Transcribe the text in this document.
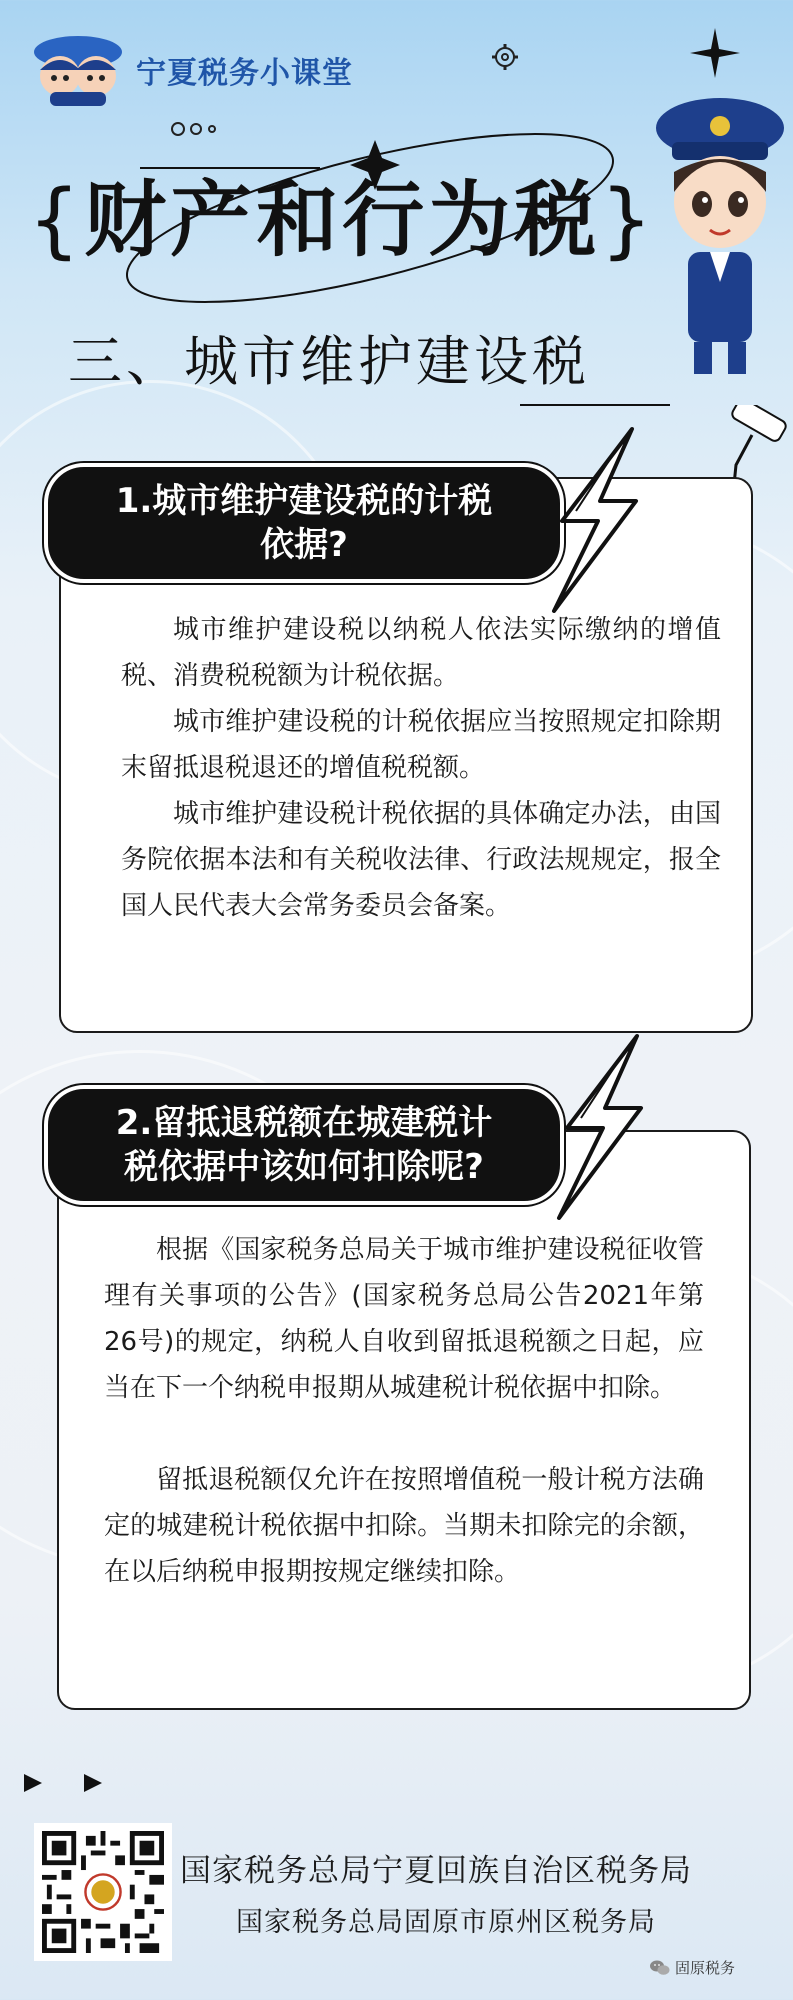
宁夏税务小课堂
{财产和行为税}
三、城市维护建设税

城市维护建设税以纳税人依法实际缴纳的增值税、消费税税额为计税依据。

城市维护建设税的计税依据应当按照规定扣除期末留抵退税退还的增值税税额。

城市维护建设税计税依据的具体确定办法，由国务院依据本法和有关税收法律、行政法规规定，报全国人民代表大会常务委员会备案。

1.城市维护建设税的计税
依据?

根据《国家税务总局关于城市维护建设税征收管理有关事项的公告》(国家税务总局公告2021年第26号)的规定，纳税人自收到留抵退税额之日起，应当在下一个纳税申报期从城建税计税依据中扣除。

留抵退税额仅允许在按照增值税一般计税方法确定的城建税计税依据中扣除。当期未扣除完的余额，在以后纳税申报期按规定继续扣除。

2.留抵退税额在城建税计
税依据中该如何扣除呢?
国家税务总局宁夏回族自治区税务局
国家税务总局固原市原州区税务局
固原税务
